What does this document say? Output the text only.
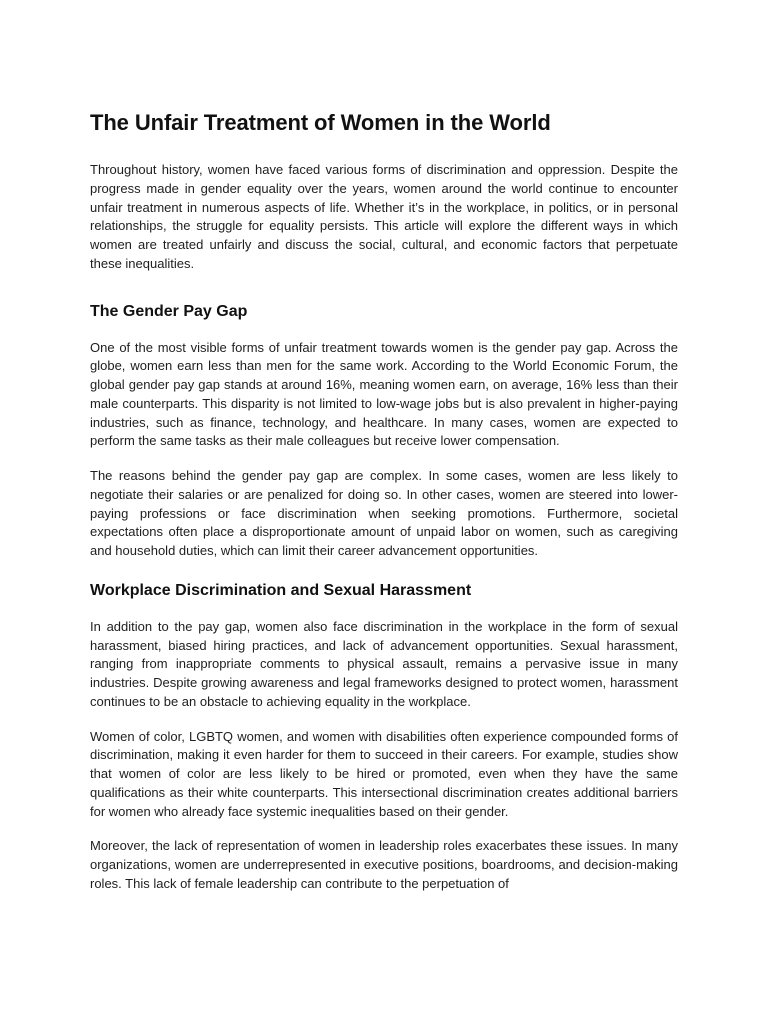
The Unfair Treatment of Women in the World

Throughout history, women have faced various forms of discrimination and oppression. Despite the progress made in gender equality over the years, women around the world continue to encounter unfair treatment in numerous aspects of life. Whether it’s in the workplace, in politics, or in personal relationships, the struggle for equality persists. This article will explore the different ways in which women are treated unfairly and discuss the social, cultural, and economic factors that perpetuate these inequalities.

The Gender Pay Gap

One of the most visible forms of unfair treatment towards women is the gender pay gap. Across the globe, women earn less than men for the same work. According to the World Economic Forum, the global gender pay gap stands at around 16%, meaning women earn, on average, 16% less than their male counterparts. This disparity is not limited to low-wage jobs but is also prevalent in higher-paying industries, such as finance, technology, and healthcare. In many cases, women are expected to perform the same tasks as their male colleagues but receive lower compensation.

The reasons behind the gender pay gap are complex. In some cases, women are less likely to negotiate their salaries or are penalized for doing so. In other cases, women are steered into lower-paying professions or face discrimination when seeking promotions. Furthermore, societal expectations often place a disproportionate amount of unpaid labor on women, such as caregiving and household duties, which can limit their career advancement opportunities.

Workplace Discrimination and Sexual Harassment

In addition to the pay gap, women also face discrimination in the workplace in the form of sexual harassment, biased hiring practices, and lack of advancement opportunities. Sexual harassment, ranging from inappropriate comments to physical assault, remains a pervasive issue in many industries. Despite growing awareness and legal frameworks designed to protect women, harassment continues to be an obstacle to achieving equality in the workplace.

Women of color, LGBTQ women, and women with disabilities often experience compounded forms of discrimination, making it even harder for them to succeed in their careers. For example, studies show that women of color are less likely to be hired or promoted, even when they have the same qualifications as their white counterparts. This intersectional discrimination creates additional barriers for women who already face systemic inequalities based on their gender.

Moreover, the lack of representation of women in leadership roles exacerbates these issues. In many organizations, women are underrepresented in executive positions, boardrooms, and decision-making roles. This lack of female leadership can contribute to the perpetuation of
